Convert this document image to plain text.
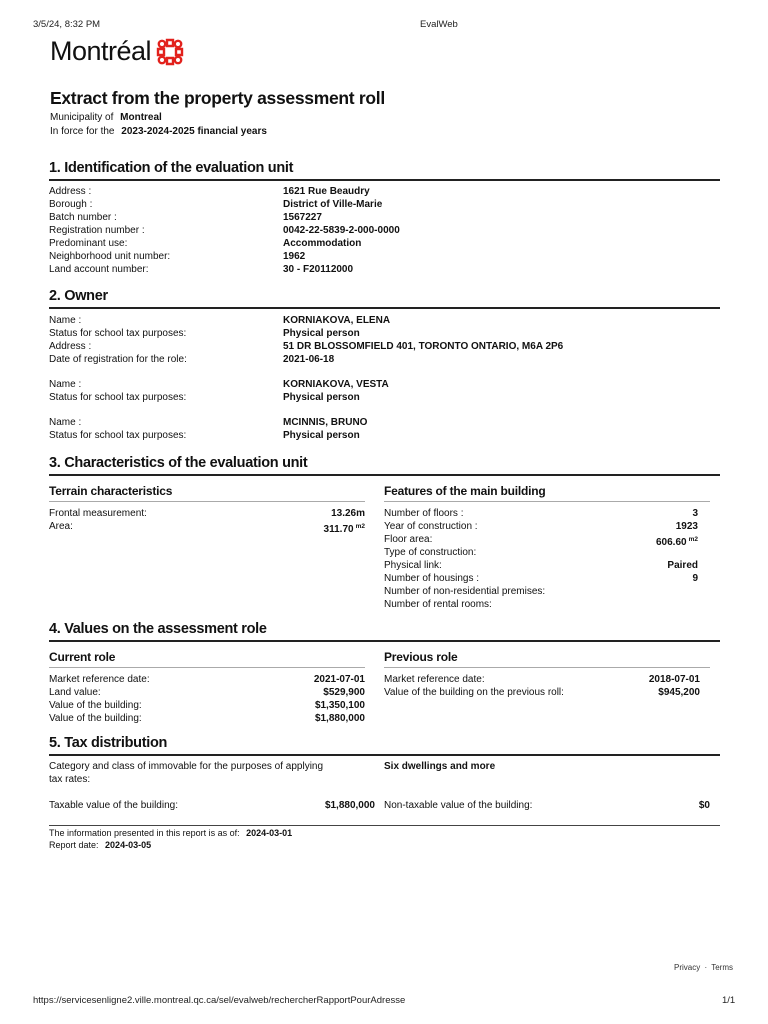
3/5/24, 8:32 PM	EvalWeb
Montréal
Extract from the property assessment roll
Municipality of Montreal
In force for the 2023-2024-2025 financial years
1. Identification of the evaluation unit
Address :	1621 Rue Beaudry
Borough :	District of Ville-Marie
Batch number :	1567227
Registration number :	0042-22-5839-2-000-0000
Predominant use:	Accommodation
Neighborhood unit number:	1962
Land account number:	30 - F20112000
2. Owner
Name :	KORNIAKOVA, ELENA
Status for school tax purposes:	Physical person
Address :	51 DR BLOSSOMFIELD 401, TORONTO ONTARIO, M6A 2P6
Date of registration for the role:	2021-06-18
Name :	KORNIAKOVA, VESTA
Status for school tax purposes:	Physical person
Name :	MCINNIS, BRUNO
Status for school tax purposes:	Physical person
3. Characteristics of the evaluation unit
Terrain characteristics
Frontal measurement:	13.26m
Area:	311.70 $^{m2}$
Features of the main building
Number of floors :	3
Year of construction :	1923
Floor area:	606.60 $^{m2}$
Type of construction:
Physical link:	Paired
Number of housings :	9
Number of non-residential premises:
Number of rental rooms:
4. Values on the assessment role
Current role
Market reference date:	2021-07-01
Land value:	$529,900
Value of the building:	$1,350,100
Value of the building:	$1,880,000
Previous role
Market reference date:	2018-07-01
Value of the building on the previous roll:	$945,200
5. Tax distribution
Category and class of immovable for the purposes of applying
tax rates:
Six dwellings and more
Taxable value of the building:	$1,880,000 Non-taxable value of the building:	$0
The information presented in this report is as of: 2024-03-01
Report date: 2024-03-05
Privacy · Terms
https://servicesenligne2.ville.montreal.qc.ca/sel/evalweb/rechercherRapportPourAdresse	1/1
